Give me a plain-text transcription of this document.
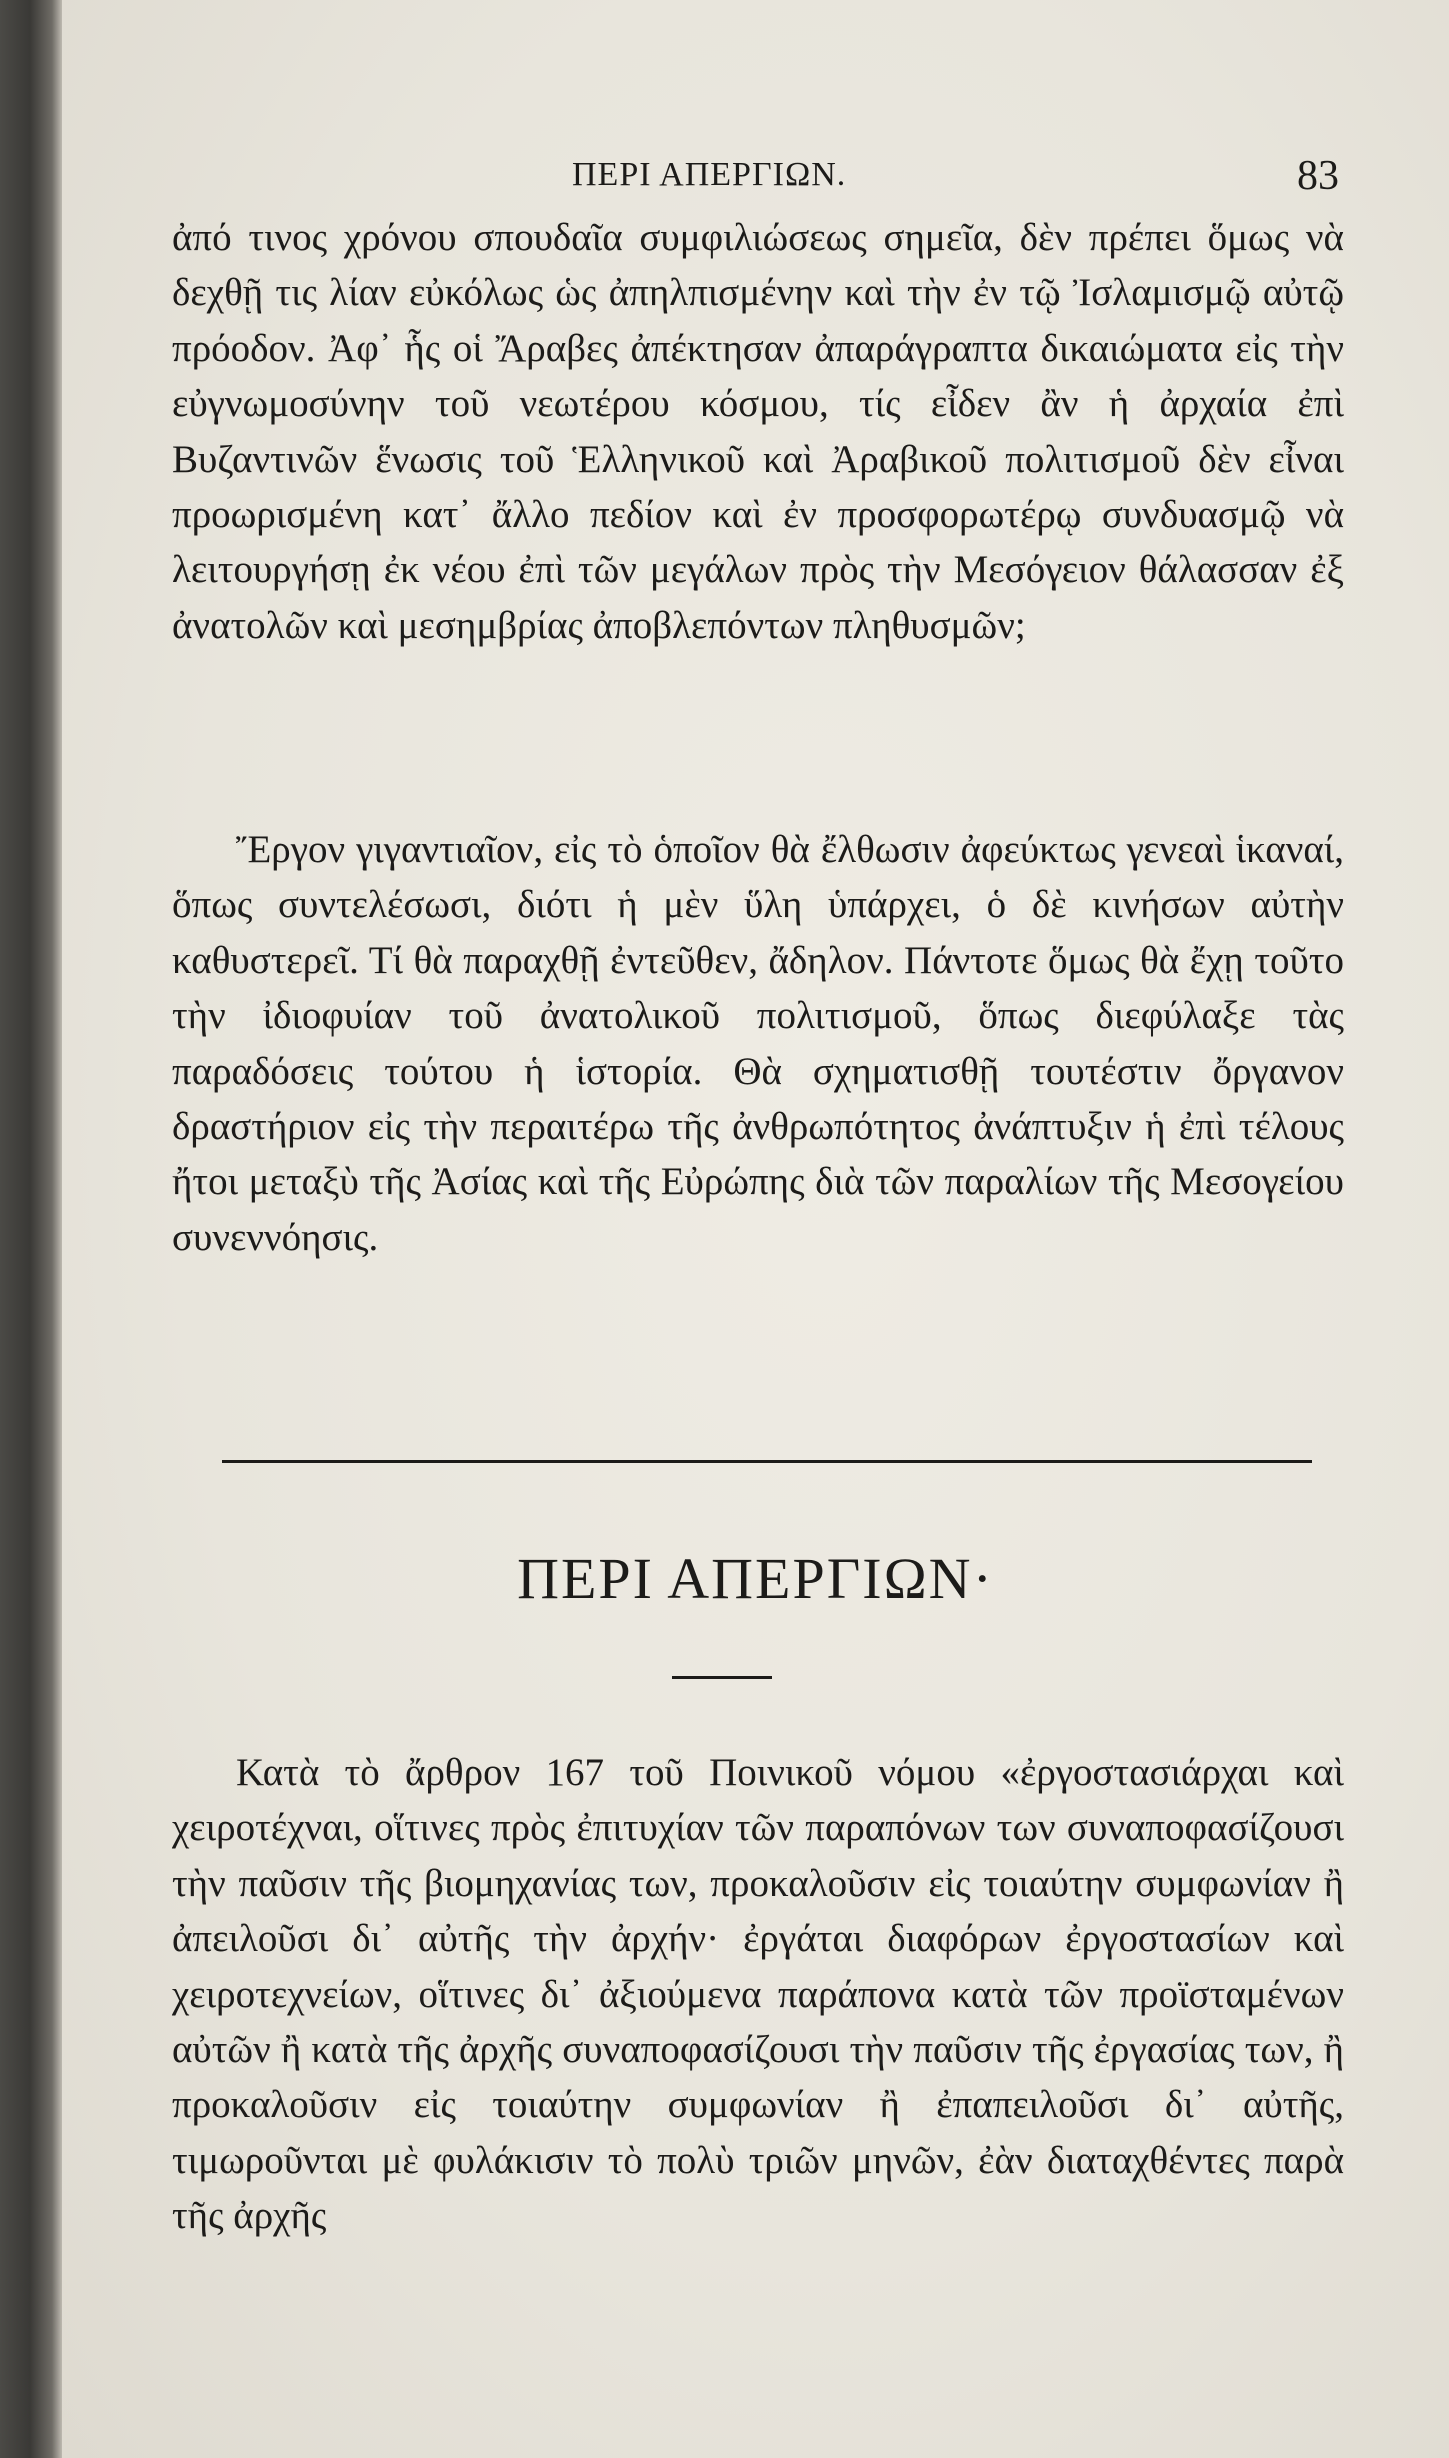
ΠΕΡΙ ΑΠΕΡΓΙΩΝ.	83

ἀπό τινος χρόνου σπουδαῖα συμφιλιώσεως σημεῖα, δὲν πρέπει ὅμως νὰ δεχθῇ τις λίαν εὐκόλως ὡς ἀπηλπισμένην καὶ τὴν ἐν τῷ Ἰσλαμισμῷ αὐτῷ πρόοδον. Ἀφ᾽ ἧς οἱ Ἄραβες ἀπέκτησαν ἀπαράγραπτα δικαιώματα εἰς τὴν εὐγνωμοσύνην τοῦ νεωτέρου κόσμου, τίς εἶδεν ἂν ἡ ἀρχαία ἐπὶ Βυζαντινῶν ἕνωσις τοῦ Ἑλληνικοῦ καὶ Ἀραβικοῦ πολιτισμοῦ δὲν εἶναι προωρισμένη κατ᾽ ἄλλο πεδίον καὶ ἐν προσφορωτέρῳ συνδυασμῷ νὰ λειτουργήσῃ ἐκ νέου ἐπὶ τῶν μεγάλων πρὸς τὴν Μεσόγειον θάλασσαν ἐξ ἀνατολῶν καὶ μεσημβρίας ἀποβλεπόντων πληθυσμῶν;

Ἔργον γιγαντιαῖον, εἰς τὸ ὁποῖον θὰ ἔλθωσιν ἀφεύκτως γενεαὶ ἱκαναί, ὅπως συντελέσωσι, διότι ἡ μὲν ὕλη ὑπάρχει, ὁ δὲ κινήσων αὐτὴν καθυστερεῖ. Τί θὰ παραχθῇ ἐντεῦθεν, ἄδηλον. Πάντοτε ὅμως θὰ ἔχῃ τοῦτο τὴν ἰδιοφυίαν τοῦ ἀνατολικοῦ πολιτισμοῦ, ὅπως διεφύλαξε τὰς παραδόσεις τούτου ἡ ἱστορία. Θὰ σχηματισθῇ τουτέστιν ὄργανον δραστήριον εἰς τὴν περαιτέρω τῆς ἀνθρωπότητος ἀνάπτυξιν ἡ ἐπὶ τέλους ἤτοι μεταξὺ τῆς Ἀσίας καὶ τῆς Εὐρώπης διὰ τῶν παραλίων τῆς Μεσογείου συνεννόησις.

ΠΕΡΙ ΑΠΕΡΓΙΩΝ·

Κατὰ τὸ ἄρθρον 167 τοῦ Ποινικοῦ νόμου «ἐργοστασιάρχαι καὶ χειροτέχναι, οἵτινες πρὸς ἐπιτυχίαν τῶν παραπόνων των συναποφασίζουσι τὴν παῦσιν τῆς βιομηχανίας των, προκαλοῦσιν εἰς τοιαύτην συμφωνίαν ἢ ἀπειλοῦσι δι᾽ αὐτῆς τὴν ἀρχήν· ἐργάται διαφόρων ἐργοστασίων καὶ χειροτεχνείων, οἵτινες δι᾽ ἀξιούμενα παράπονα κατὰ τῶν προϊσταμένων αὐτῶν ἢ κατὰ τῆς ἀρχῆς συναποφασίζουσι τὴν παῦσιν τῆς ἐργασίας των, ἢ προκαλοῦσιν εἰς τοιαύτην συμφωνίαν ἢ ἐπαπειλοῦσι δι᾽ αὐτῆς, τιμωροῦνται μὲ φυλάκισιν τὸ πολὺ τριῶν μηνῶν, ἐὰν διαταχθέντες παρὰ τῆς ἀρχῆς
